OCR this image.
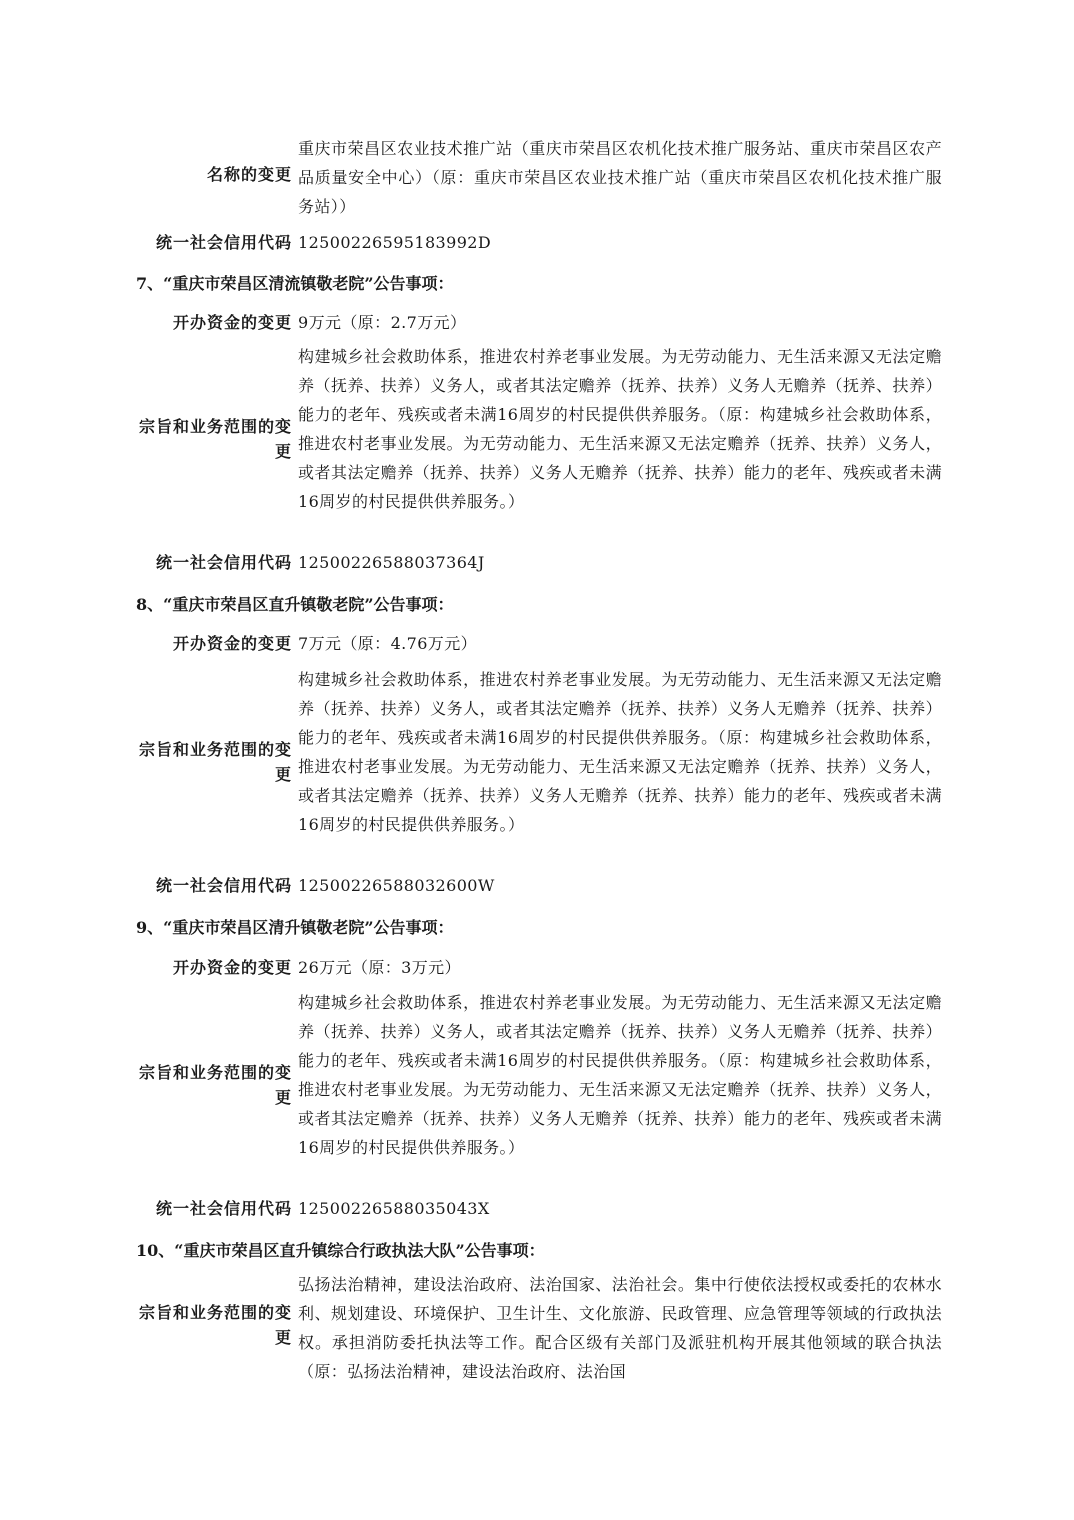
名称的变更
重庆市荣昌区农业技术推广站（重庆市荣昌区农机化技术推广服务站、重庆市荣昌区农产品质量安全中心）（原：重庆市荣昌区农业技术推广站（重庆市荣昌区农机化技术推广服务站））
统一社会信用代码 12500226595183992D
7、“重庆市荣昌区清流镇敬老院”公告事项：
开办资金的变更 9万元（原：2.7万元）
宗旨和业务范围的变更
构建城乡社会救助体系，推进农村养老事业发展。为无劳动能力、无生活来源又无法定赡养（抚养、扶养）义务人，或者其法定赡养（抚养、扶养）义务人无赡养（抚养、扶养）能力的老年、残疾或者未满16周岁的村民提供供养服务。（原：构建城乡社会救助体系，推进农村老事业发展。为无劳动能力、无生活来源又无法定赡养（抚养、扶养）义务人，或者其法定赡养（抚养、扶养）义务人无赡养（抚养、扶养）能力的老年、残疾或者未满16周岁的村民提供供养服务。）
统一社会信用代码 12500226588037364J
8、“重庆市荣昌区直升镇敬老院”公告事项：
开办资金的变更 7万元（原：4.76万元）
宗旨和业务范围的变更
构建城乡社会救助体系，推进农村养老事业发展。为无劳动能力、无生活来源又无法定赡养（抚养、扶养）义务人，或者其法定赡养（抚养、扶养）义务人无赡养（抚养、扶养）能力的老年、残疾或者未满16周岁的村民提供供养服务。（原：构建城乡社会救助体系，推进农村老事业发展。为无劳动能力、无生活来源又无法定赡养（抚养、扶养）义务人，或者其法定赡养（抚养、扶养）义务人无赡养（抚养、扶养）能力的老年、残疾或者未满16周岁的村民提供供养服务。）
统一社会信用代码 12500226588032600W
9、“重庆市荣昌区清升镇敬老院”公告事项：
开办资金的变更 26万元（原：3万元）
宗旨和业务范围的变更
构建城乡社会救助体系，推进农村养老事业发展。为无劳动能力、无生活来源又无法定赡养（抚养、扶养）义务人，或者其法定赡养（抚养、扶养）义务人无赡养（抚养、扶养）能力的老年、残疾或者未满16周岁的村民提供供养服务。（原：构建城乡社会救助体系，推进农村老事业发展。为无劳动能力、无生活来源又无法定赡养（抚养、扶养）义务人，或者其法定赡养（抚养、扶养）义务人无赡养（抚养、扶养）能力的老年、残疾或者未满16周岁的村民提供供养服务。）
统一社会信用代码 12500226588035043X
10、“重庆市荣昌区直升镇综合行政执法大队”公告事项：
宗旨和业务范围的变更
弘扬法治精神，建设法治政府、法治国家、法治社会。集中行使依法授权或委托的农林水利、规划建设、环境保护、卫生计生、文化旅游、民政管理、应急管理等领域的行政执法权。承担消防委托执法等工作。配合区级有关部门及派驻机构开展其他领域的联合执法（原：弘扬法治精神，建设法治政府、法治国
